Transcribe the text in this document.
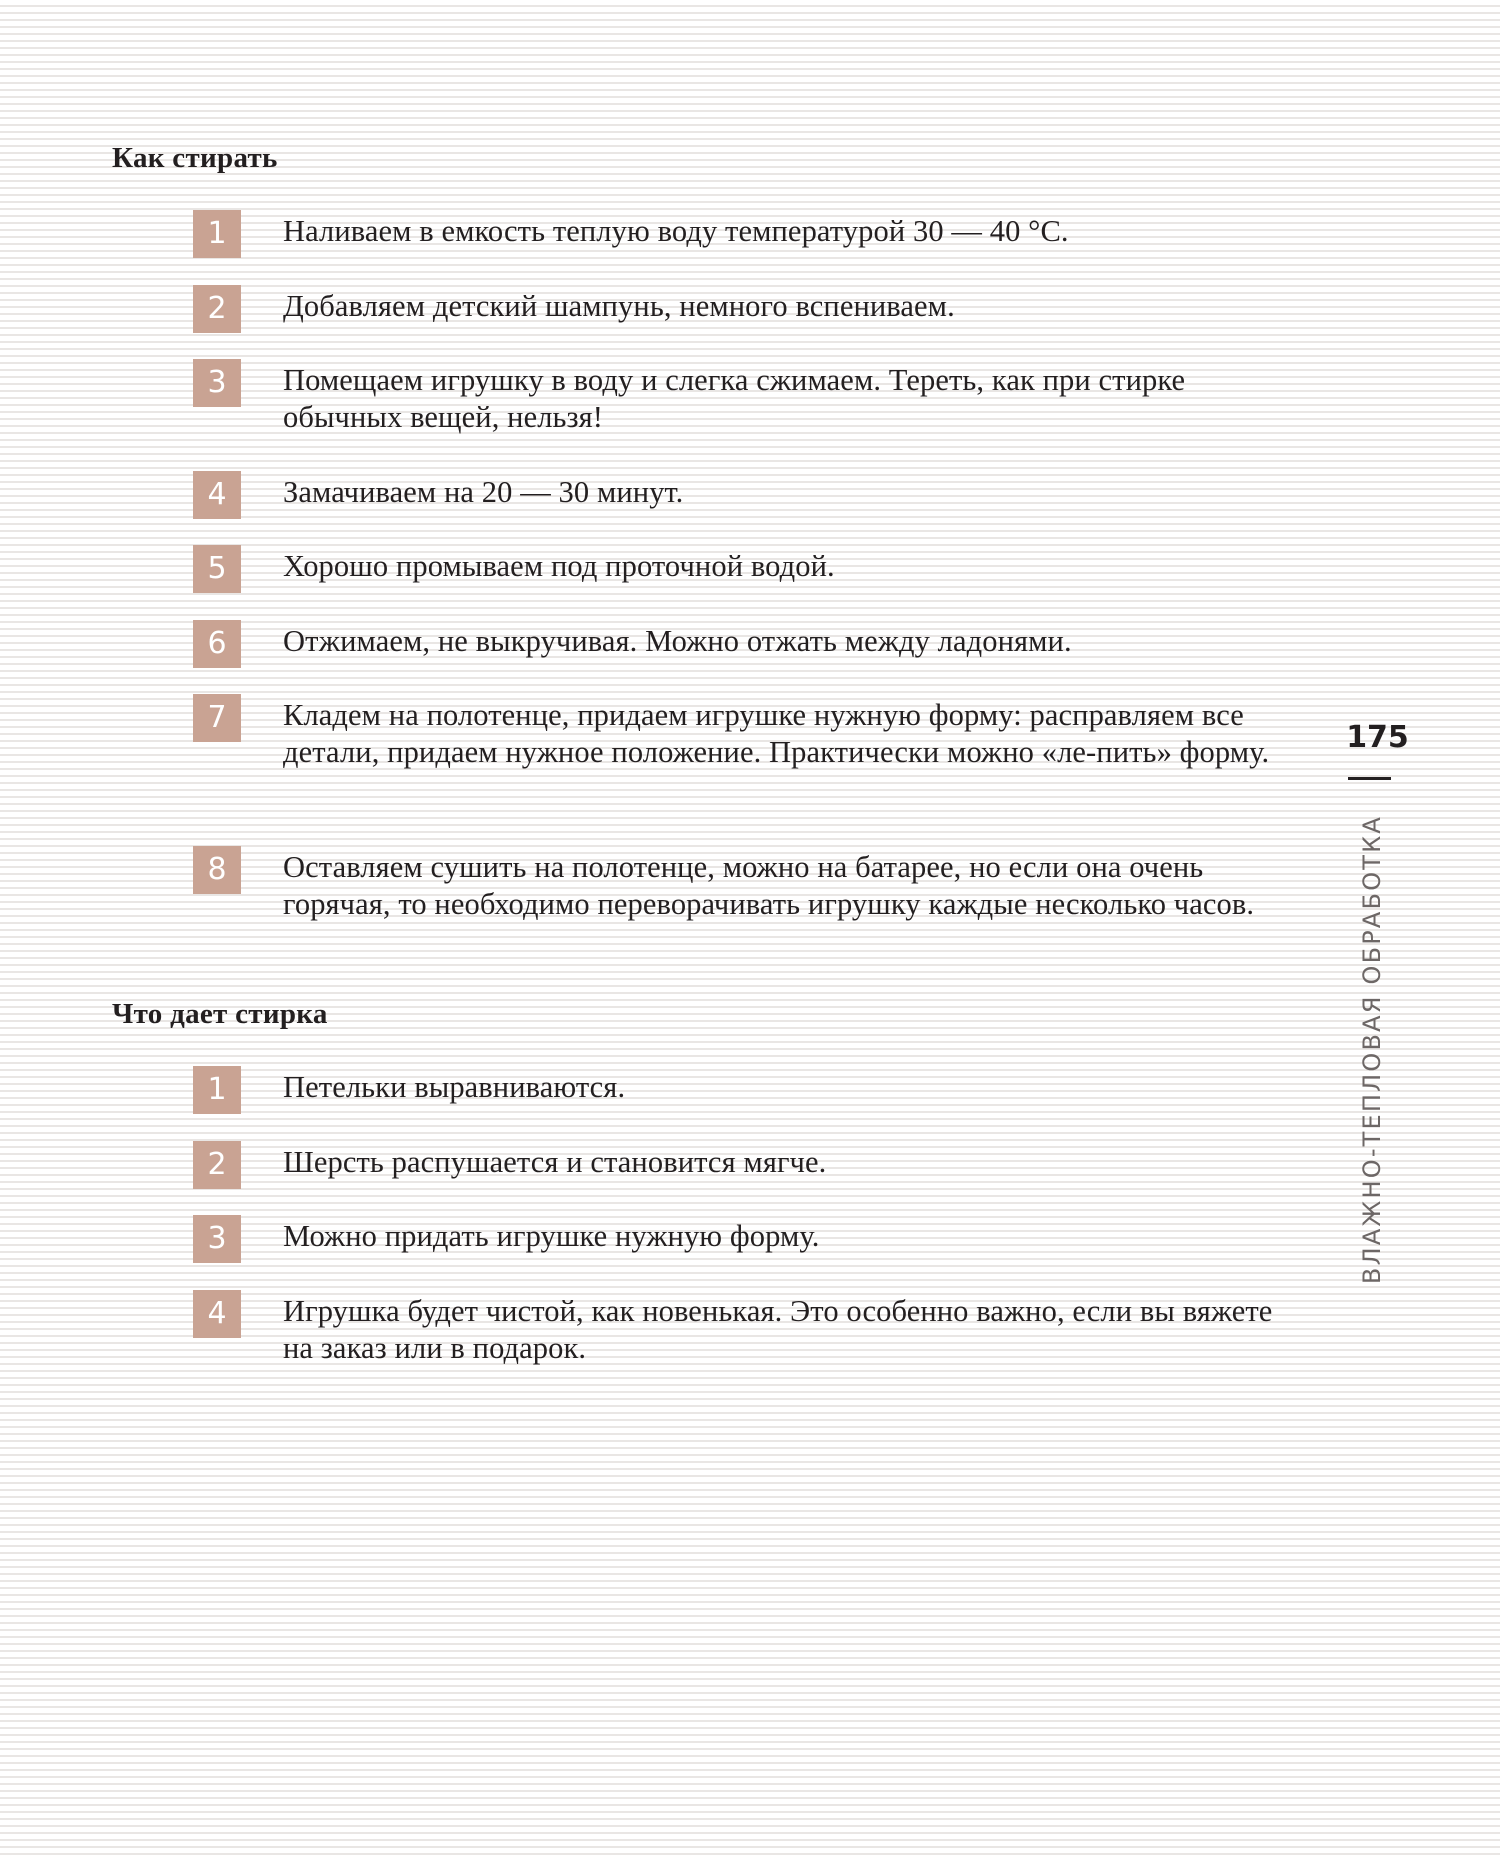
Как стирать
1	Наливаем в емкость теплую воду температурой 30 — 40 °С.

2	Добавляем детский шампунь, немного вспениваем.

3	Помещаем игрушку в воду и слегка сжимаем. Тереть, как при стирке обычных вещей, нельзя!

4	Замачиваем на 20 — 30 минут.

5	Хорошо промываем под проточной водой.

6	Отжимаем, не выкручивая. Можно отжать между ладонями.

7	Кладем на полотенце, придаем игрушке нужную форму: расправляем все детали, придаем нужное положение. Практически можно «ле-пить» форму.

8	Оставляем сушить на полотенце, можно на батарее, но если она очень горячая, то необходимо переворачивать игрушку каждые несколько часов.

Что дает стирка
1	Петельки выравниваются.

2	Шерсть распушается и становится мягче.

3	Можно придать игрушке нужную форму.

4	Игрушка будет чистой, как новенькая. Это особенно важно, если вы вяжете на заказ или в подарок.

175
ВЛАЖНО-ТЕПЛОВАЯ ОБРАБОТКА
